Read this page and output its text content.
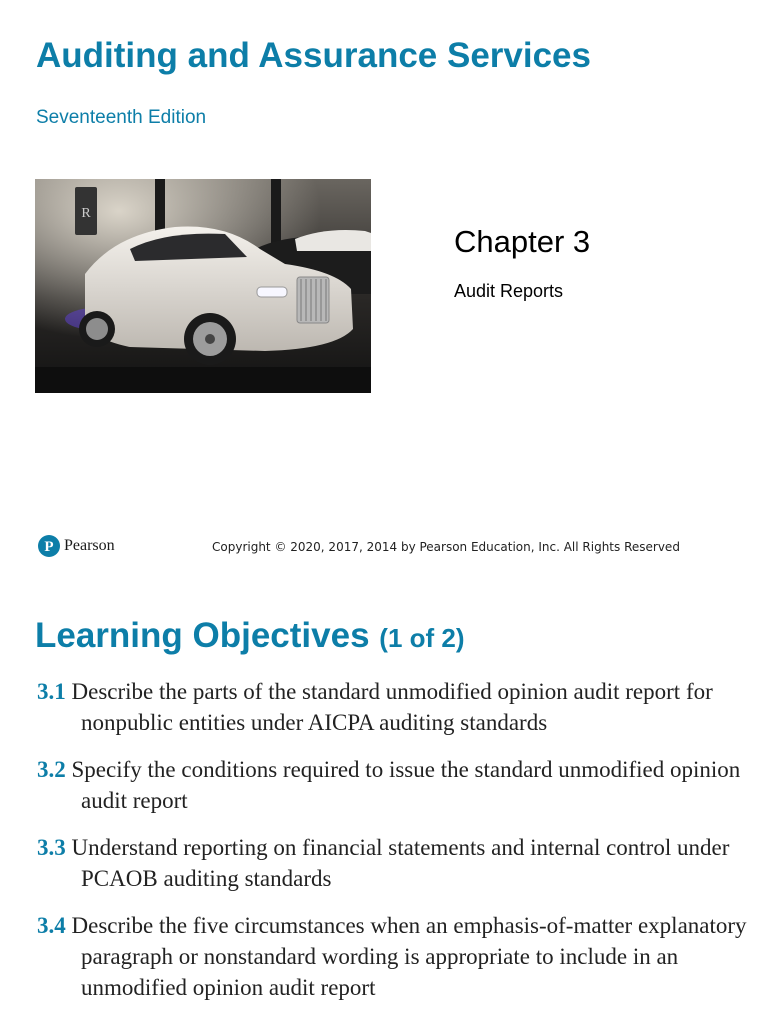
Auditing and Assurance Services
Seventeenth Edition
R
Chapter 3
Audit Reports
P Pearson	Copyright © 2020, 2017, 2014 by Pearson Education, Inc. All Rights Reserved
Learning Objectives (1 of 2)
3.1 Describe the parts of the standard unmodified opinion audit report for nonpublic entities under AICPA auditing standards
3.2 Specify the conditions required to issue the standard unmodified opinion audit report
3.3 Understand reporting on financial statements and internal control under PCAOB auditing standards
3.4 Describe the five circumstances when an emphasis-of-matter explanatory paragraph or nonstandard wording is appropriate to include in an unmodified opinion audit report
